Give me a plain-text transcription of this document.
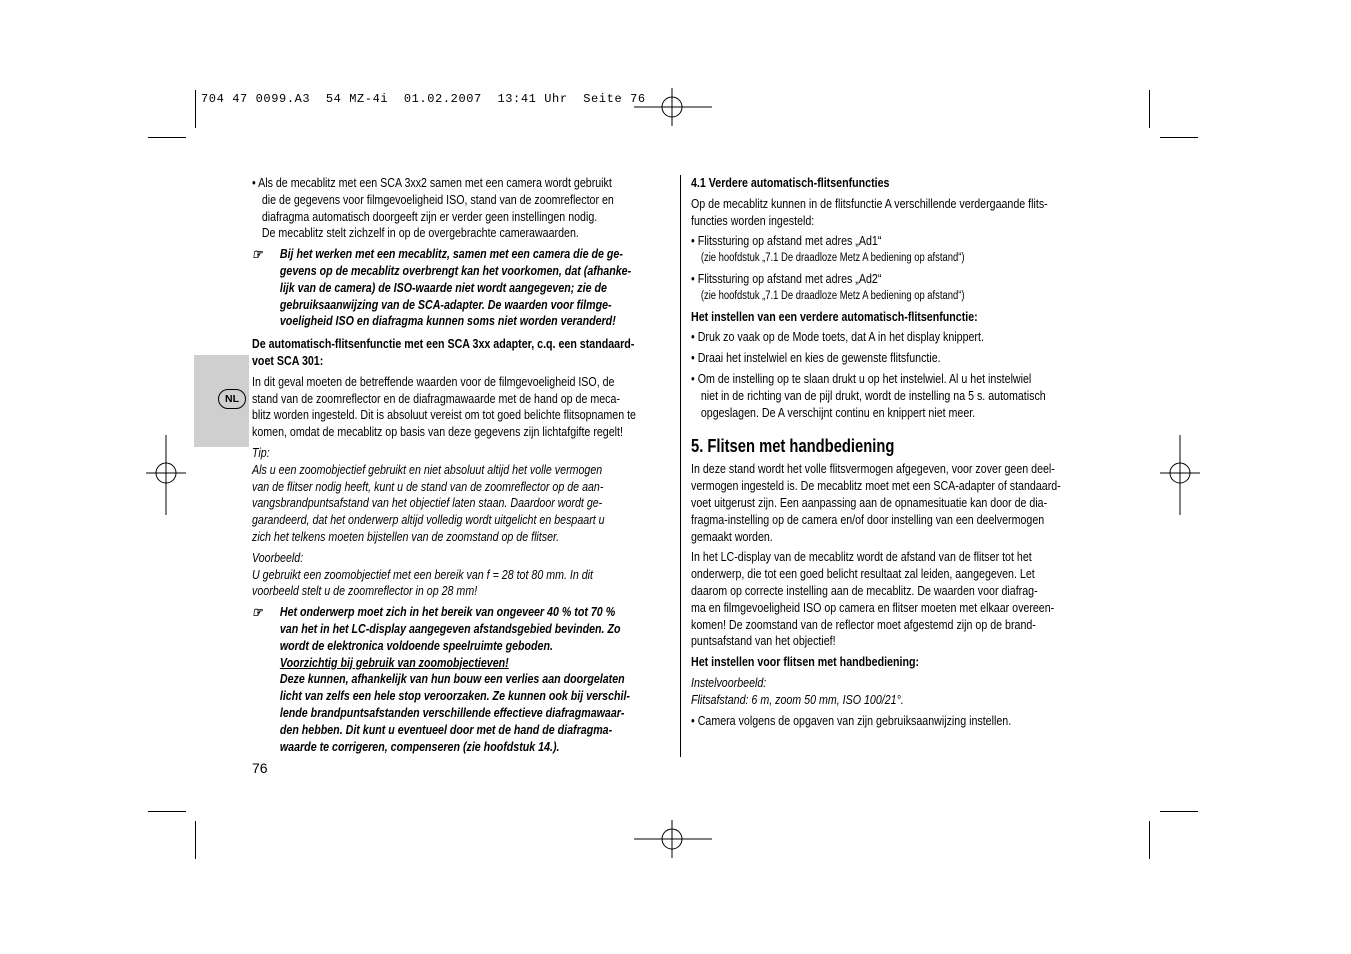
704 47 0099.A3  54 MZ-4i  01.02.2007  13:41 Uhr  Seite 76
NL
• Als de mecablitz met een SCA 3xx2 samen met een camera wordt gebruikt
die de gegevens voor filmgevoeligheid ISO, stand van de zoomreflector en
diafragma automatisch doorgeeft zijn er verder geen instellingen nodig.
De mecablitz stelt zichzelf in op de overgebrachte camerawaarden.
☞ Bij het werken met een mecablitz, samen met een camera die de ge-
gevens op de mecablitz overbrengt kan het voorkomen, dat (afhanke-
lijk van de camera) de ISO-waarde niet wordt aangegeven; zie de
gebruiksaanwijzing van de SCA-adapter. De waarden voor filmge-
voeligheid ISO en diafragma kunnen soms niet worden veranderd!
De automatisch-flitsenfunctie met een SCA 3xx adapter, c.q. een standaard-
voet SCA 301:
In dit geval moeten de betreffende waarden voor de filmgevoeligheid ISO, de
stand van de zoomreflector en de diafragmawaarde met de hand op de meca-
blitz worden ingesteld. Dit is absoluut vereist om tot goed belichte flitsopnamen te
komen, omdat de mecablitz op basis van deze gegevens zijn lichtafgifte regelt!
Tip:
Als u een zoomobjectief gebruikt en niet absoluut altijd het volle vermogen
van de flitser nodig heeft, kunt u de stand van de zoomreflector op de aan-
vangsbrandpuntsafstand van het objectief laten staan. Daardoor wordt ge-
garandeerd, dat het onderwerp altijd volledig wordt uitgelicht en bespaart u
zich het telkens moeten bijstellen van de zoomstand op de flitser.
Voorbeeld:
U gebruikt een zoomobjectief met een bereik van f = 28 tot 80 mm. In dit
voorbeeld stelt u de zoomreflector in op 28 mm!
☞ Het onderwerp moet zich in het bereik van ongeveer 40 % tot 70 %
van het in het LC-display aangegeven afstandsgebied bevinden. Zo
wordt de elektronica voldoende speelruimte geboden.
Voorzichtig bij gebruik van zoomobjectieven!
Deze kunnen, afhankelijk van hun bouw een verlies aan doorgelaten
licht van zelfs een hele stop veroorzaken. Ze kunnen ook bij verschil-
lende brandpuntsafstanden verschillende effectieve diafragmawaar-
den hebben. Dit kunt u eventueel door met de hand de diafragma-
waarde te corrigeren, compenseren (zie hoofdstuk 14.).
76
4.1 Verdere automatisch-flitsenfuncties
Op de mecablitz kunnen in de flitsfunctie A verschillende verdergaande flits-
functies worden ingesteld:
• Flitssturing op afstand met adres „Ad1“
(zie hoofdstuk „7.1 De draadloze Metz A bediening op afstand“)
• Flitssturing op afstand met adres „Ad2“
(zie hoofdstuk „7.1 De draadloze Metz A bediening op afstand“)
Het instellen van een verdere automatisch-flitsenfunctie:
• Druk zo vaak op de Mode toets, dat A in het display knippert.
• Draai het instelwiel en kies de gewenste flitsfunctie.
• Om de instelling op te slaan drukt u op het instelwiel. Al u het instelwiel
niet in de richting van de pijl drukt, wordt de instelling na 5 s. automatisch
opgeslagen. De A verschijnt continu en knippert niet meer.
5. Flitsen met handbediening
In deze stand wordt het volle flitsvermogen afgegeven, voor zover geen deel-
vermogen ingesteld is. De mecablitz moet met een SCA-adapter of standaard-
voet uitgerust zijn. Een aanpassing aan de opnamesituatie kan door de dia-
fragma-instelling op de camera en/of door instelling van een deelvermogen
gemaakt worden.
In het LC-display van de mecablitz wordt de afstand van de flitser tot het
onderwerp, die tot een goed belicht resultaat zal leiden, aangegeven. Let
daarom op correcte instelling aan de mecablitz. De waarden voor diafrag-
ma en filmgevoeligheid ISO op camera en flitser moeten met elkaar overeen-
komen! De zoomstand van de reflector moet afgestemd zijn op de brand-
puntsafstand van het objectief!
Het instellen voor flitsen met handbediening:
Instelvoorbeeld:
Flitsafstand: 6 m, zoom 50 mm, ISO 100/21°.
• Camera volgens de opgaven van zijn gebruiksaanwijzing instellen.
